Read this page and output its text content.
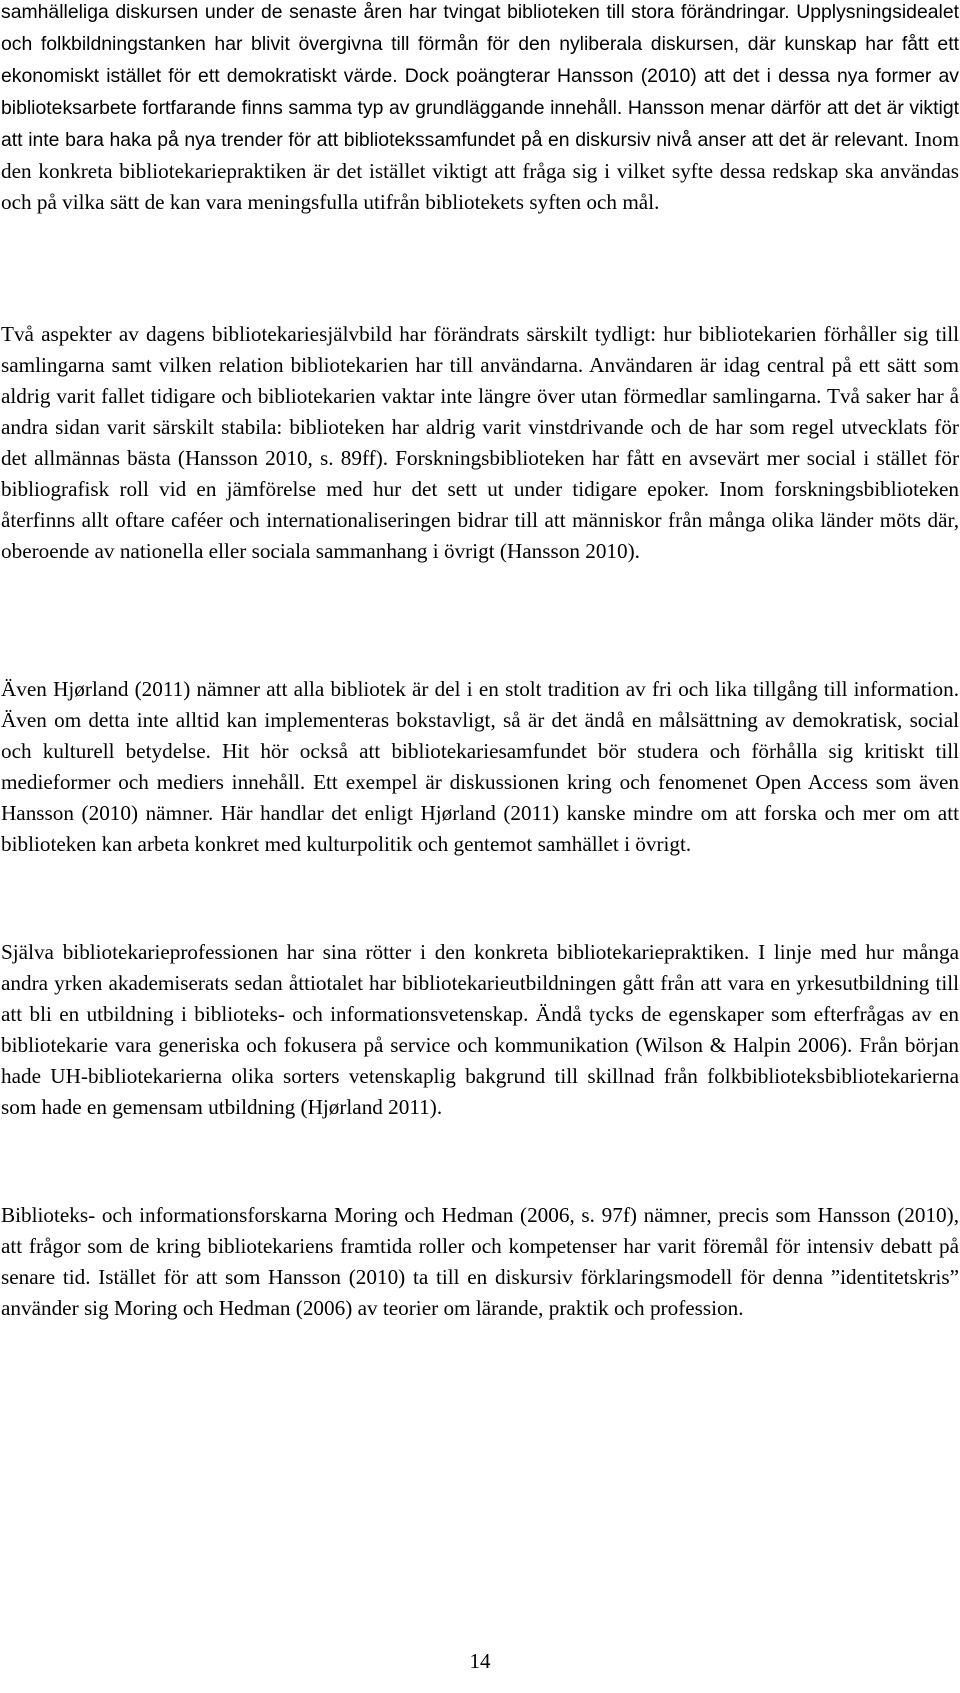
samhälleliga diskursen under de senaste åren har tvingat biblioteken till stora förändringar. Upplysningsidealet och folkbildningstanken har blivit övergivna till förmån för den nyliberala diskursen, där kunskap har fått ett ekonomiskt istället för ett demokratiskt värde. Dock poängterar Hansson (2010) att det i dessa nya former av biblioteksarbete fortfarande finns samma typ av grundläggande innehåll. Hansson menar därför att det är viktigt att inte bara haka på nya trender för att bibliotekssamfundet på en diskursiv nivå anser att det är relevant. Inom den konkreta bibliotekariepraktiken är det istället viktigt att fråga sig i vilket syfte dessa redskap ska användas och på vilka sätt de kan vara meningsfulla utifrån bibliotekets syften och mål.

Två aspekter av dagens bibliotekariesjälvbild har förändrats särskilt tydligt: hur bibliotekarien förhåller sig till samlingarna samt vilken relation bibliotekarien har till användarna. Användaren är idag central på ett sätt som aldrig varit fallet tidigare och bibliotekarien vaktar inte längre över utan förmedlar samlingarna. Två saker har å andra sidan varit särskilt stabila: biblioteken har aldrig varit vinstdrivande och de har som regel utvecklats för det allmännas bästa (Hansson 2010, s. 89ff). Forskningsbiblioteken har fått en avsevärt mer social i stället för bibliografisk roll vid en jämförelse med hur det sett ut under tidigare epoker. Inom forskningsbiblioteken återfinns allt oftare caféer och internationaliseringen bidrar till att människor från många olika länder möts där, oberoende av nationella eller sociala sammanhang i övrigt (Hansson 2010).

Även Hjørland (2011) nämner att alla bibliotek är del i en stolt tradition av fri och lika tillgång till information. Även om detta inte alltid kan implementeras bokstavligt, så är det ändå en målsättning av demokratisk, social och kulturell betydelse. Hit hör också att bibliotekariesamfundet bör studera och förhålla sig kritiskt till medieformer och mediers innehåll. Ett exempel är diskussionen kring och fenomenet Open Access som även Hansson (2010) nämner. Här handlar det enligt Hjørland (2011) kanske mindre om att forska och mer om att biblioteken kan arbeta konkret med kulturpolitik och gentemot samhället i övrigt.

Själva bibliotekarieprofessionen har sina rötter i den konkreta bibliotekariepraktiken. I linje med hur många andra yrken akademiserats sedan åttiotalet har bibliotekarieutbildningen gått från att vara en yrkesutbildning till att bli en utbildning i biblioteks- och informationsvetenskap. Ändå tycks de egenskaper som efterfrågas av en bibliotekarie vara generiska och fokusera på service och kommunikation (Wilson & Halpin 2006). Från början hade UH-bibliotekarierna olika sorters vetenskaplig bakgrund till skillnad från folkbiblioteksbibliotekarierna som hade en gemensam utbildning (Hjørland 2011).

Biblioteks- och informationsforskarna Moring och Hedman (2006, s. 97f) nämner, precis som Hansson (2010), att frågor som de kring bibliotekariens framtida roller och kompetenser har varit föremål för intensiv debatt på senare tid. Istället för att som Hansson (2010) ta till en diskursiv förklaringsmodell för denna ”identitetskris” använder sig Moring och Hedman (2006) av teorier om lärande, praktik och profession.

14
